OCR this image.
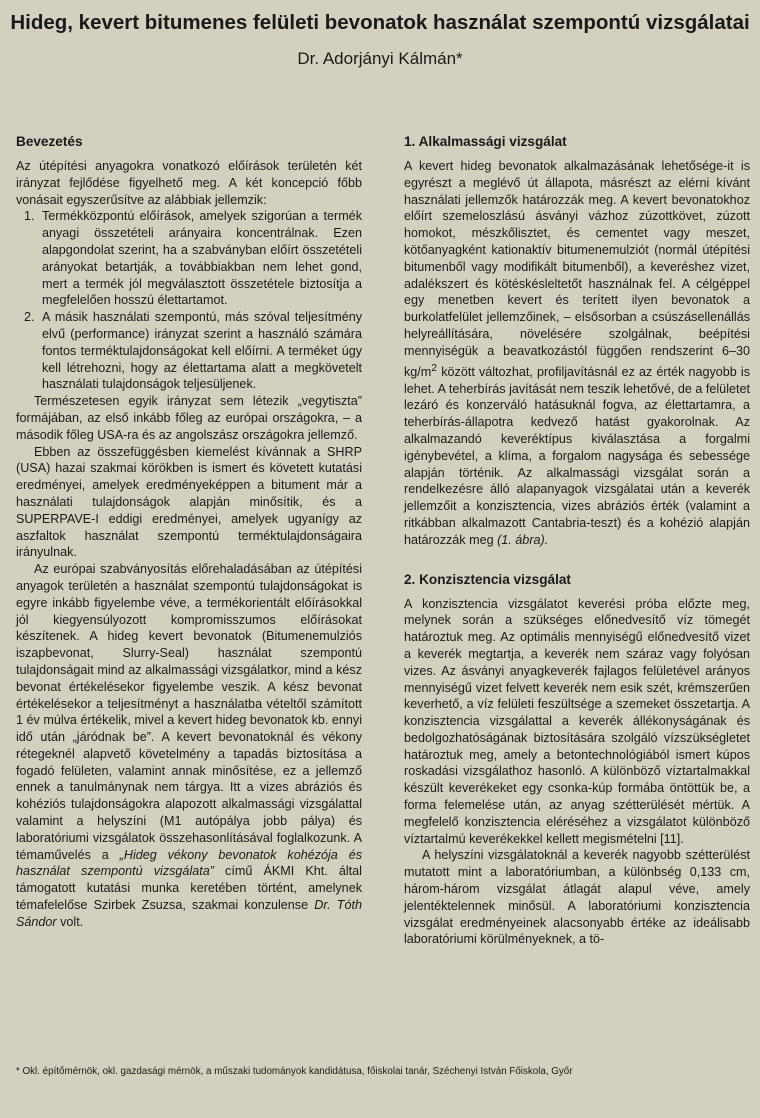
Hideg, kevert bitumenes felületi bevonatok használat szempontú vizsgálatai
Dr. Adorjányi Kálmán*
Bevezetés

Az útépítési anyagokra vonatkozó előírások területén két irányzat fejlődése figyelhető meg. A két koncepció főbb vonásait egyszerűsítve az alábbiak jellemzik:

1. Termékközpontú előírások, amelyek szigorúan a termék anyagi összetételi arányaira koncentrálnak. Ezen alapgondolat szerint, ha a szabványban előírt összetételi arányokat betartják, a továbbiakban nem lehet gond, mert a termék jól megválasztott összetétele biztosítja a megfelelően hosszú élettartamot.
2. A másik használati szempontú, más szóval teljesítmény elvű (performance) irányzat szerint a használó számára fontos terméktulajdonságokat kell előírni. A terméket úgy kell létrehozni, hogy az élettartama alatt a megkövetelt használati tulajdonságok teljesüljenek.

Természetesen egyik irányzat sem létezik „vegytiszta” formájában, az első inkább főleg az európai országokra, – a második főleg USA-ra és az angolszász országokra jellemző.

Ebben az összefüggésben kiemelést kívánnak a SHRP (USA) hazai szakmai körökben is ismert és követett kutatási eredményei, amelyek eredményeképpen a bitument már a használati tulajdonságok alapján minősítik, és a SUPERPAVE-I eddigi eredményei, amelyek ugyanígy az aszfaltok használat szempontú terméktulajdonságaira irányulnak.

Az európai szabványosítás előrehaladásában az útépítési anyagok területén a használat szempontú tulajdonságokat is egyre inkább figyelembe véve, a termékorientált előírásokkal jól kiegyensúlyozott kompromisszumos előírásokat készítenek. A hideg kevert bevonatok (Bitumenemulziós iszapbevonat, Slurry-Seal) használat szempontú tulajdonságait mind az alkalmassági vizsgálatkor, mind a kész bevonat értékelésekor figyelembe veszik. A kész bevonat értékelésekor a teljesítményt a használatba vételtől számított 1 év múlva értékelik, mivel a kevert hideg bevonatok kb. ennyi idő után „járódnak be”. A kevert bevonatoknál és vékony rétegeknél alapvető követelmény a tapadás biztosítása a fogadó felületen, valamint annak minősítése, ez a jellemző ennek a tanulmánynak nem tárgya. Itt a vizes abráziós és kohéziós tulajdonságokra alapozott alkalmassági vizsgálattal valamint a helyszíni (M1 autópálya jobb pálya) és laboratóriumi vizsgálatok összehasonlításával foglalkozunk. A témaművelés a „Hideg vékony bevonatok kohézója és használat szempontú vizsgálata” című ÁKMI Kht. által támogatott kutatási munka keretében történt, amelynek témafelelőse Szirbek Zsuzsa, szakmai konzulense Dr. Tóth Sándor volt.

1. Alkalmassági vizsgálat

A kevert hideg bevonatok alkalmazásának lehetősége-it is egyrészt a meglévő út állapota, másrészt az elérni kívánt használati jellemzők határozzák meg. A kevert bevonatokhoz előírt szemeloszlású ásványi vázhoz zúzottkövet, zúzott homokot, mészkőlisztet, és cementet vagy meszet, kötőanyagként kationaktív bitumenemulziót (normál útépítési bitumenből vagy modifikált bitumenből), a keveréshez vizet, adalékszert és kötéskésleltetőt használnak fel. A célgéppel egy menetben kevert és terített ilyen bevonatok a burkolatfelület jellemzőinek, – elsősorban a csúszásellenállás helyreállítására, növelésére szolgálnak, beépítési mennyiségük a beavatkozástól függően rendszerint 6–30 $kg/m^2$ között változhat, profiljavításnál ez az érték nagyobb is lehet. A teherbírás javítását nem teszik lehetővé, de a felületet lezáró és konzerváló hatásuknál fogva, az élettartamra, a teherbírás-állapotra kedvező hatást gyakorolnak. Az alkalmazandó keveréktípus kiválasztása a forgalmi igénybevétel, a klíma, a forgalom nagysága és sebessége alapján történik. Az alkalmassági vizsgálat során a rendelkezésre álló alapanyagok vizsgálatai után a keverék jellemzőit a konzisztencia, vizes abráziós érték (valamint a ritkábban alkalmazott Cantabria-teszt) és a kohézió alapján határozzák meg (1. ábra).

2. Konzisztencia vizsgálat

A konzisztencia vizsgálatot keverési próba előzte meg, melynek során a szükséges előnedvesítő víz tömegét határoztuk meg. Az optimális mennyiségű előnedvesítő vizet a keverék megtartja, a keverék nem száraz vagy folyósan vizes. Az ásványi anyagkeverék fajlagos felületével arányos mennyiségű vizet felvett keverék nem esik szét, krémszerűen keverhető, a víz felületi feszültsége a szemeket összetartja. A konzisztencia vizsgálattal a keverék állékonyságának és bedolgozhatóságának biztosítására szolgáló vízszükségletet határoztuk meg, amely a betontechnológiából ismert kúpos roskadási vizsgálathoz hasonló. A különböző víztartalmakkal készült keverékeket egy csonka-kúp formába öntöttük be, a forma felemelése után, az anyag szétterülését mértük. A megfelelő konzisztencia eléréséhez a vizsgálatot különböző víztartalmú keverékekkel kellett megismételni [11].

A helyszíni vizsgálatoknál a keverék nagyobb szétterülést mutatott mint a laboratóriumban, a különbség 0,133 cm, három-három vizsgálat átlagát alapul véve, amely jelentéktelennek minősül. A laboratóriumi konzisztencia vizsgálat eredményeinek alacsonyabb értéke az ideálisabb laboratóriumi körülményeknek, a tö-

* Okl. építőmérnök, okl. gazdasági mérnök, a műszaki tudományok kandidátusa, főiskolai tanár, Széchenyi István Főiskola, Győr
